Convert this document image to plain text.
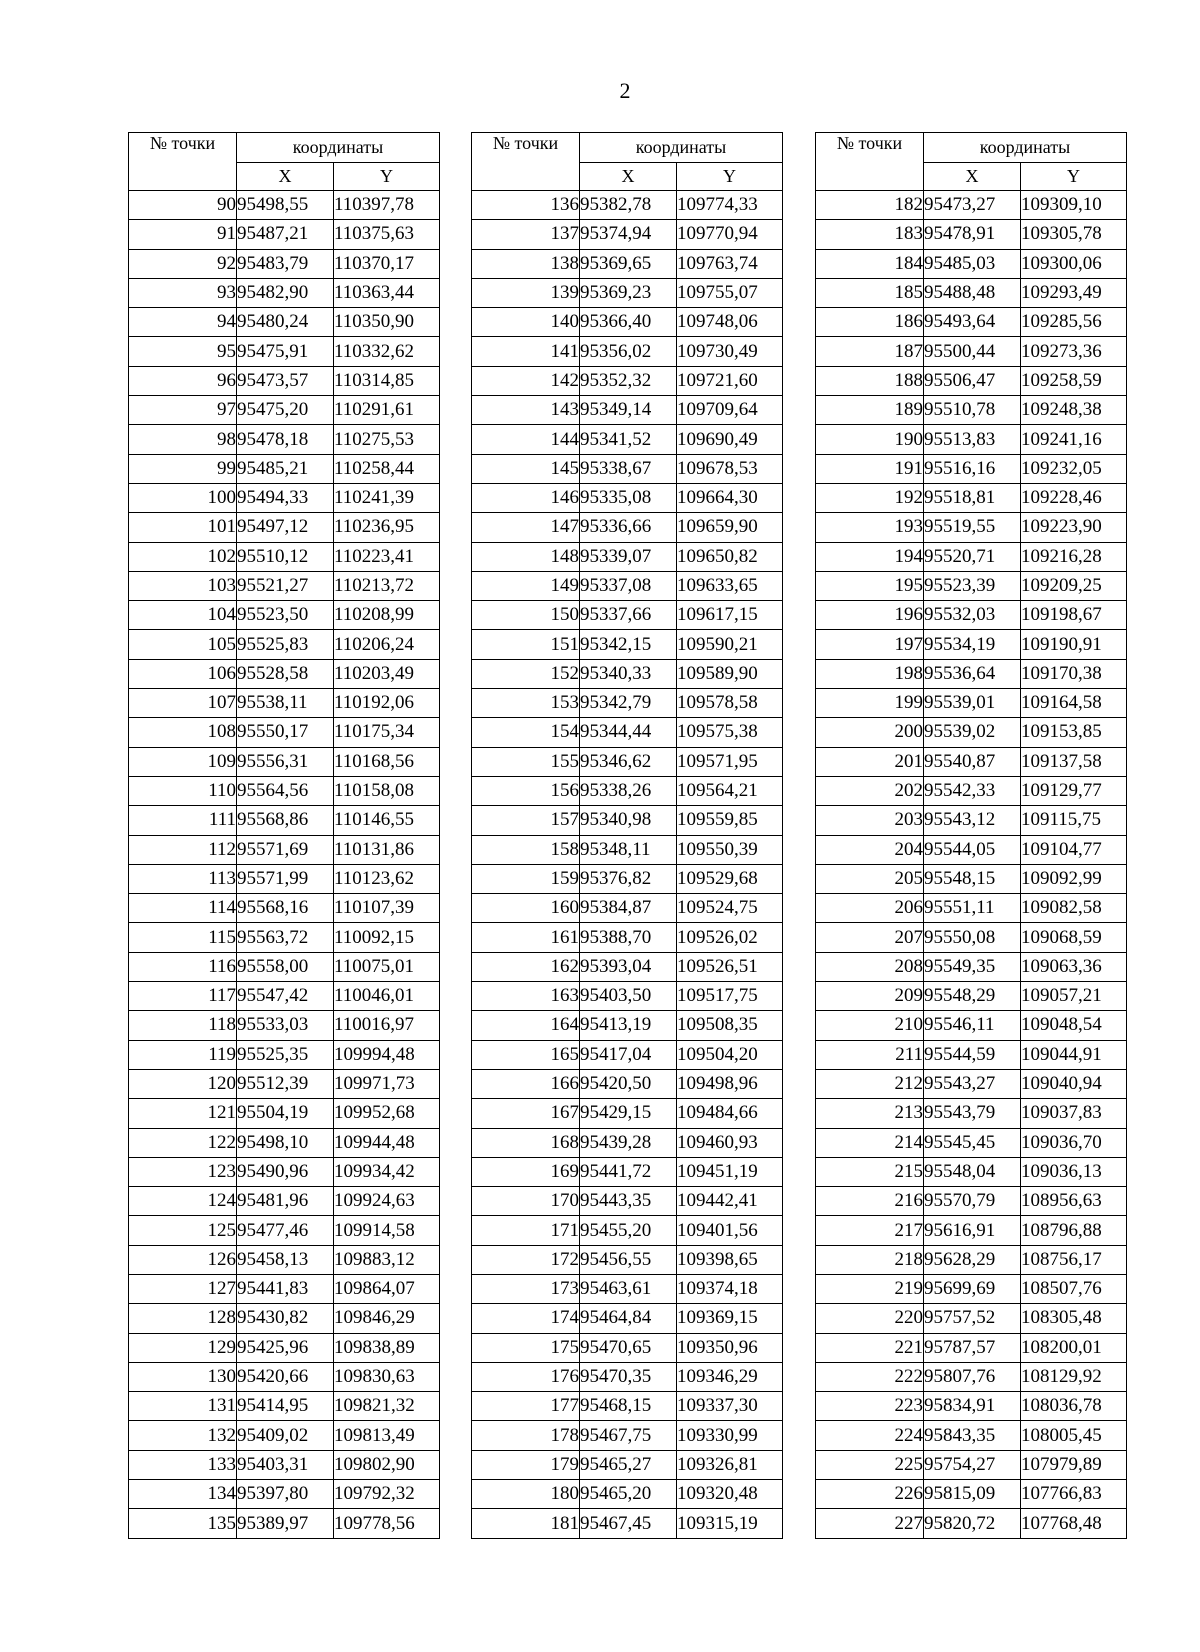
2
№ точки	координаты	
	X	Y
90	95498,55	110397,78
91	95487,21	110375,63
92	95483,79	110370,17
93	95482,90	110363,44
94	95480,24	110350,90
95	95475,91	110332,62
96	95473,57	110314,85
97	95475,20	110291,61
98	95478,18	110275,53
99	95485,21	110258,44
100	95494,33	110241,39
101	95497,12	110236,95
102	95510,12	110223,41
103	95521,27	110213,72
104	95523,50	110208,99
105	95525,83	110206,24
106	95528,58	110203,49
107	95538,11	110192,06
108	95550,17	110175,34
109	95556,31	110168,56
110	95564,56	110158,08
111	95568,86	110146,55
112	95571,69	110131,86
113	95571,99	110123,62
114	95568,16	110107,39
115	95563,72	110092,15
116	95558,00	110075,01
117	95547,42	110046,01
118	95533,03	110016,97
119	95525,35	109994,48
120	95512,39	109971,73
121	95504,19	109952,68
122	95498,10	109944,48
123	95490,96	109934,42
124	95481,96	109924,63
125	95477,46	109914,58
126	95458,13	109883,12
127	95441,83	109864,07
128	95430,82	109846,29
129	95425,96	109838,89
130	95420,66	109830,63
131	95414,95	109821,32
132	95409,02	109813,49
133	95403,31	109802,90
134	95397,80	109792,32
135	95389,97	109778,56
№ точки	координаты	
	X	Y
136	95382,78	109774,33
137	95374,94	109770,94
138	95369,65	109763,74
139	95369,23	109755,07
140	95366,40	109748,06
141	95356,02	109730,49
142	95352,32	109721,60
143	95349,14	109709,64
144	95341,52	109690,49
145	95338,67	109678,53
146	95335,08	109664,30
147	95336,66	109659,90
148	95339,07	109650,82
149	95337,08	109633,65
150	95337,66	109617,15
151	95342,15	109590,21
152	95340,33	109589,90
153	95342,79	109578,58
154	95344,44	109575,38
155	95346,62	109571,95
156	95338,26	109564,21
157	95340,98	109559,85
158	95348,11	109550,39
159	95376,82	109529,68
160	95384,87	109524,75
161	95388,70	109526,02
162	95393,04	109526,51
163	95403,50	109517,75
164	95413,19	109508,35
165	95417,04	109504,20
166	95420,50	109498,96
167	95429,15	109484,66
168	95439,28	109460,93
169	95441,72	109451,19
170	95443,35	109442,41
171	95455,20	109401,56
172	95456,55	109398,65
173	95463,61	109374,18
174	95464,84	109369,15
175	95470,65	109350,96
176	95470,35	109346,29
177	95468,15	109337,30
178	95467,75	109330,99
179	95465,27	109326,81
180	95465,20	109320,48
181	95467,45	109315,19
№ точки	координаты	
	X	Y
182	95473,27	109309,10
183	95478,91	109305,78
184	95485,03	109300,06
185	95488,48	109293,49
186	95493,64	109285,56
187	95500,44	109273,36
188	95506,47	109258,59
189	95510,78	109248,38
190	95513,83	109241,16
191	95516,16	109232,05
192	95518,81	109228,46
193	95519,55	109223,90
194	95520,71	109216,28
195	95523,39	109209,25
196	95532,03	109198,67
197	95534,19	109190,91
198	95536,64	109170,38
199	95539,01	109164,58
200	95539,02	109153,85
201	95540,87	109137,58
202	95542,33	109129,77
203	95543,12	109115,75
204	95544,05	109104,77
205	95548,15	109092,99
206	95551,11	109082,58
207	95550,08	109068,59
208	95549,35	109063,36
209	95548,29	109057,21
210	95546,11	109048,54
211	95544,59	109044,91
212	95543,27	109040,94
213	95543,79	109037,83
214	95545,45	109036,70
215	95548,04	109036,13
216	95570,79	108956,63
217	95616,91	108796,88
218	95628,29	108756,17
219	95699,69	108507,76
220	95757,52	108305,48
221	95787,57	108200,01
222	95807,76	108129,92
223	95834,91	108036,78
224	95843,35	108005,45
225	95754,27	107979,89
226	95815,09	107766,83
227	95820,72	107768,48
